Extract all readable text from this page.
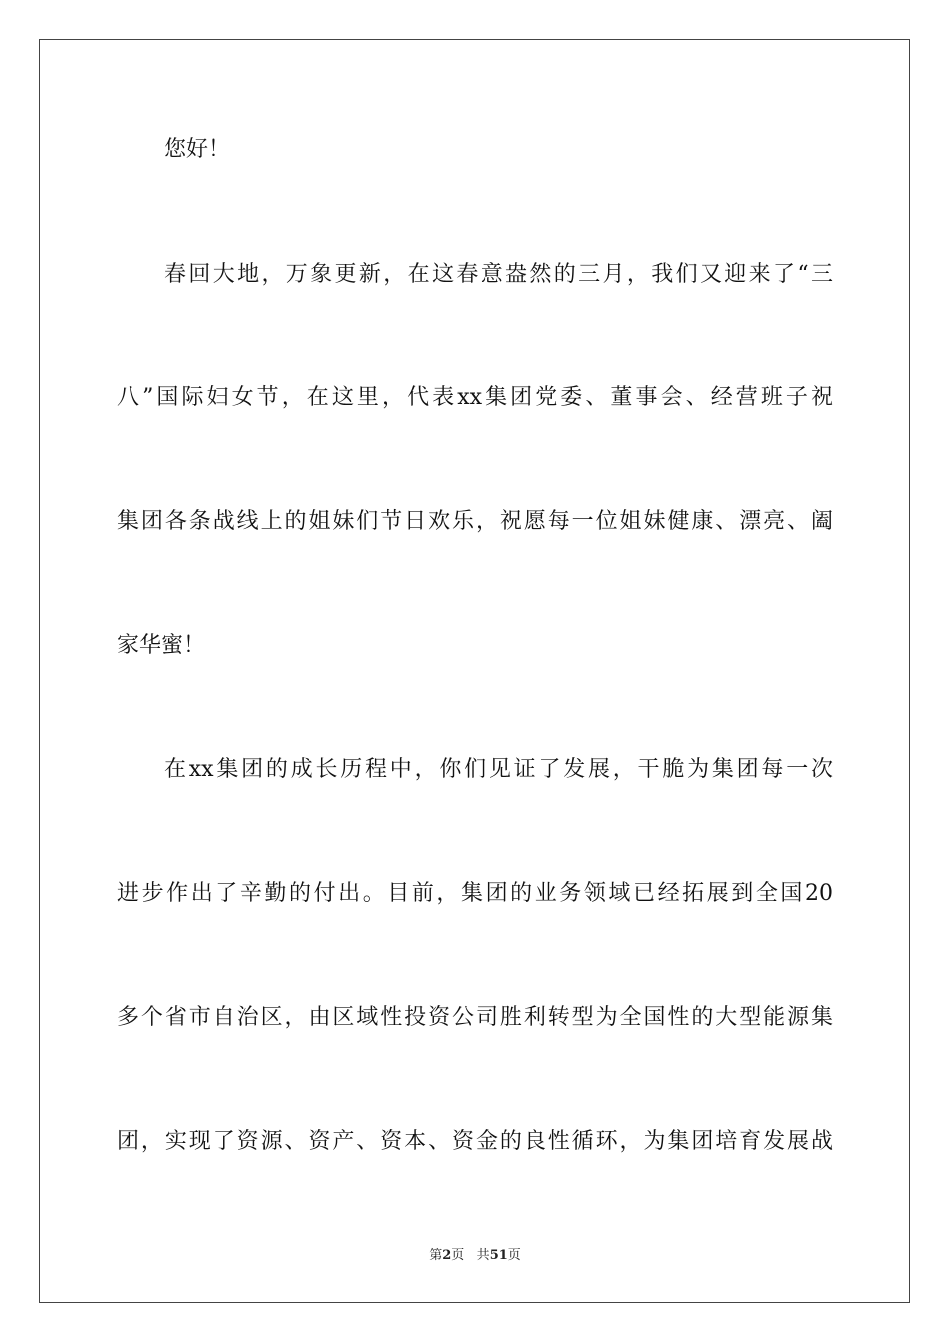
您好！
春回大地，万象更新，在这春意盎然的三月，我们又迎来了“三
八”国际妇女节，在这里，代表xx集团党委、董事会、经营班子祝
集团各条战线上的姐妹们节日欢乐，祝愿每一位姐妹健康、漂亮、阖
家华蜜！
在xx集团的成长历程中，你们见证了发展，干脆为集团每一次
进步作出了辛勤的付出。目前，集团的业务领域已经拓展到全国20
多个省市自治区，由区域性投资公司胜利转型为全国性的大型能源集
团，实现了资源、资产、资本、资金的良性循环，为集团培育发展战
第2页 共51页
